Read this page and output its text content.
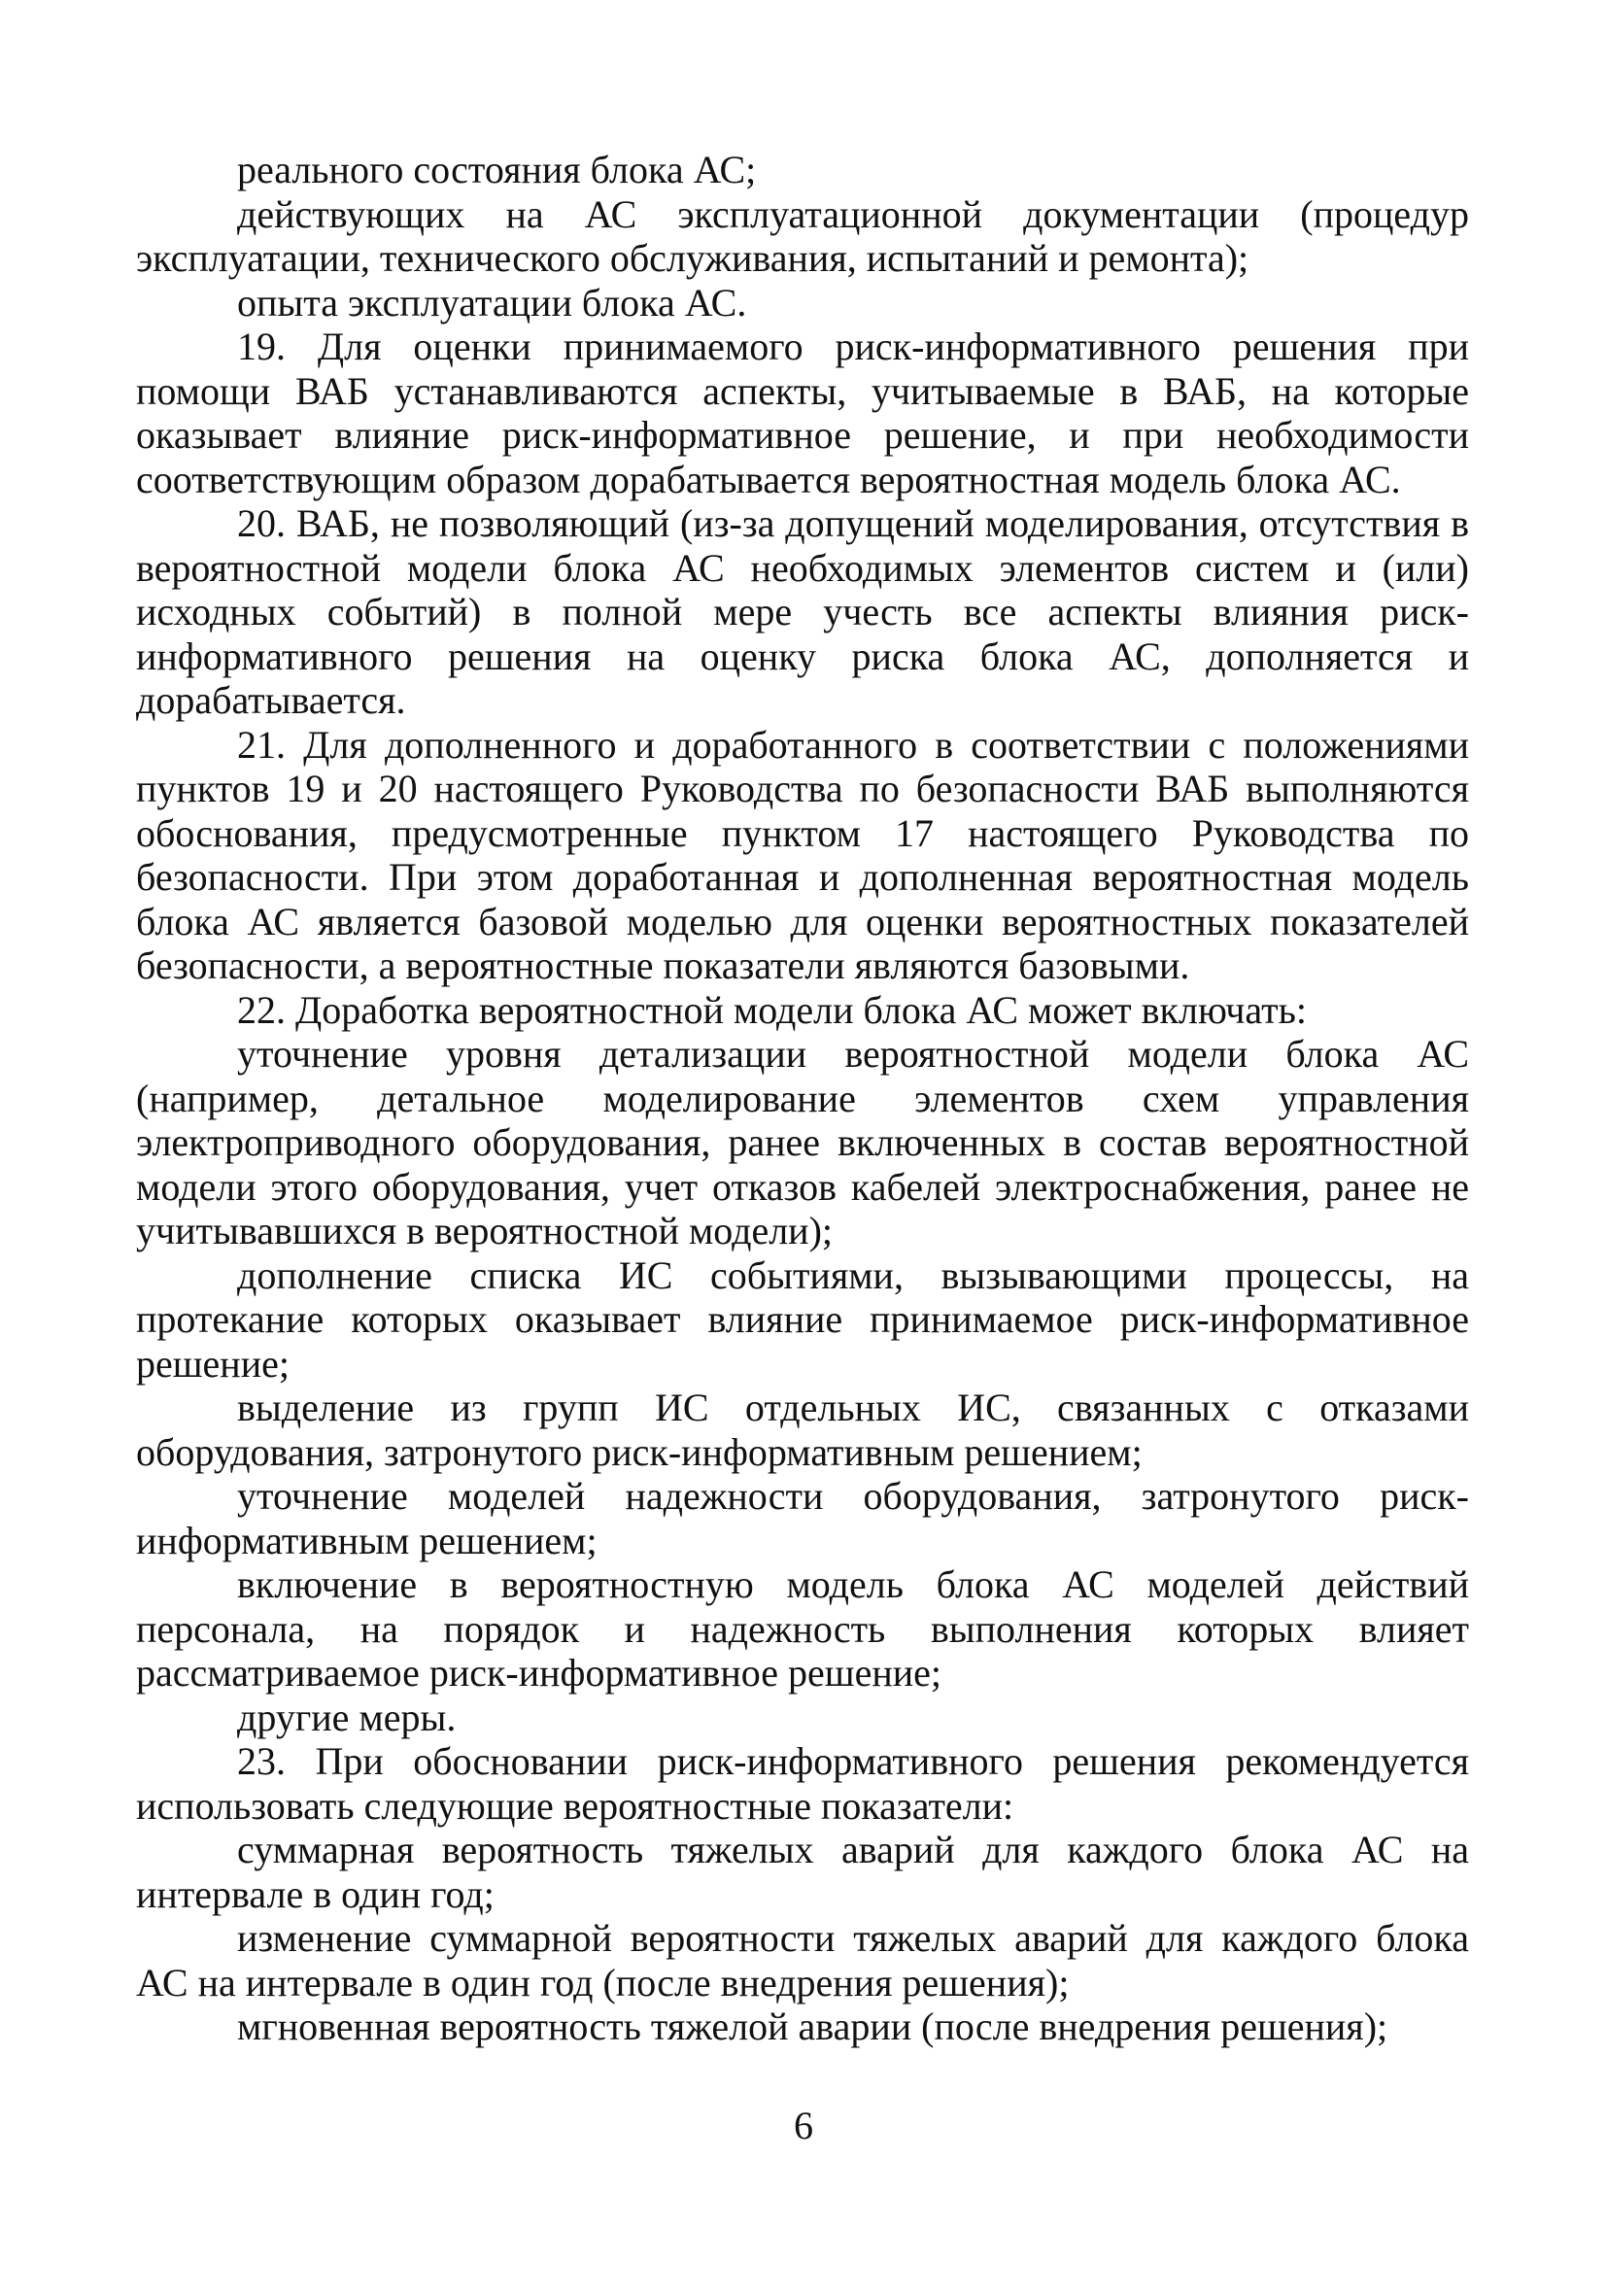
реального состояния блока АС;

действующих на АС эксплуатационной документации (процедур эксплуатации, технического обслуживания, испытаний и ремонта);

опыта эксплуатации блока АС.

19. Для оценки принимаемого риск-информативного решения при помощи ВАБ устанавливаются аспекты, учитываемые в ВАБ, на которые оказывает влияние риск-информативное решение, и при необходимости соответствующим образом дорабатывается вероятностная модель блока АС.

20. ВАБ, не позволяющий (из-за допущений моделирования, отсутствия в вероятностной модели блока АС необходимых элементов систем и (или) исходных событий) в полной мере учесть все аспекты влияния риск-информативного решения на оценку риска блока АС, дополняется и дорабатывается.

21. Для дополненного и доработанного в соответствии с положениями пунктов 19 и 20 настоящего Руководства по безопасности ВАБ выполняются обоснования, предусмотренные пунктом 17 настоящего Руководства по безопасности. При этом доработанная и дополненная вероятностная модель блока АС является базовой моделью для оценки вероятностных показателей безопасности, а вероятностные показатели являются базовыми.

22. Доработка вероятностной модели блока АС может включать:

уточнение уровня детализации вероятностной модели блока АС (например, детальное моделирование элементов схем управления электроприводного оборудования, ранее включенных в состав вероятностной модели этого оборудования, учет отказов кабелей электроснабжения, ранее не учитывавшихся в вероятностной модели);

дополнение списка ИС событиями, вызывающими процессы, на протекание которых оказывает влияние принимаемое риск-информативное решение;

выделение из групп ИС отдельных ИС, связанных с отказами оборудования, затронутого риск-информативным решением;

уточнение моделей надежности оборудования, затронутого риск-информативным решением;

включение в вероятностную модель блока АС моделей действий персонала, на порядок и надежность выполнения которых влияет рассматриваемое риск-информативное решение;

другие меры.

23. При обосновании риск-информативного решения рекомендуется использовать следующие вероятностные показатели:

суммарная вероятность тяжелых аварий для каждого блока АС на интервале в один год;

изменение суммарной вероятности тяжелых аварий для каждого блока АС на интервале в один год (после внедрения решения);

мгновенная вероятность тяжелой аварии (после внедрения решения);

6
